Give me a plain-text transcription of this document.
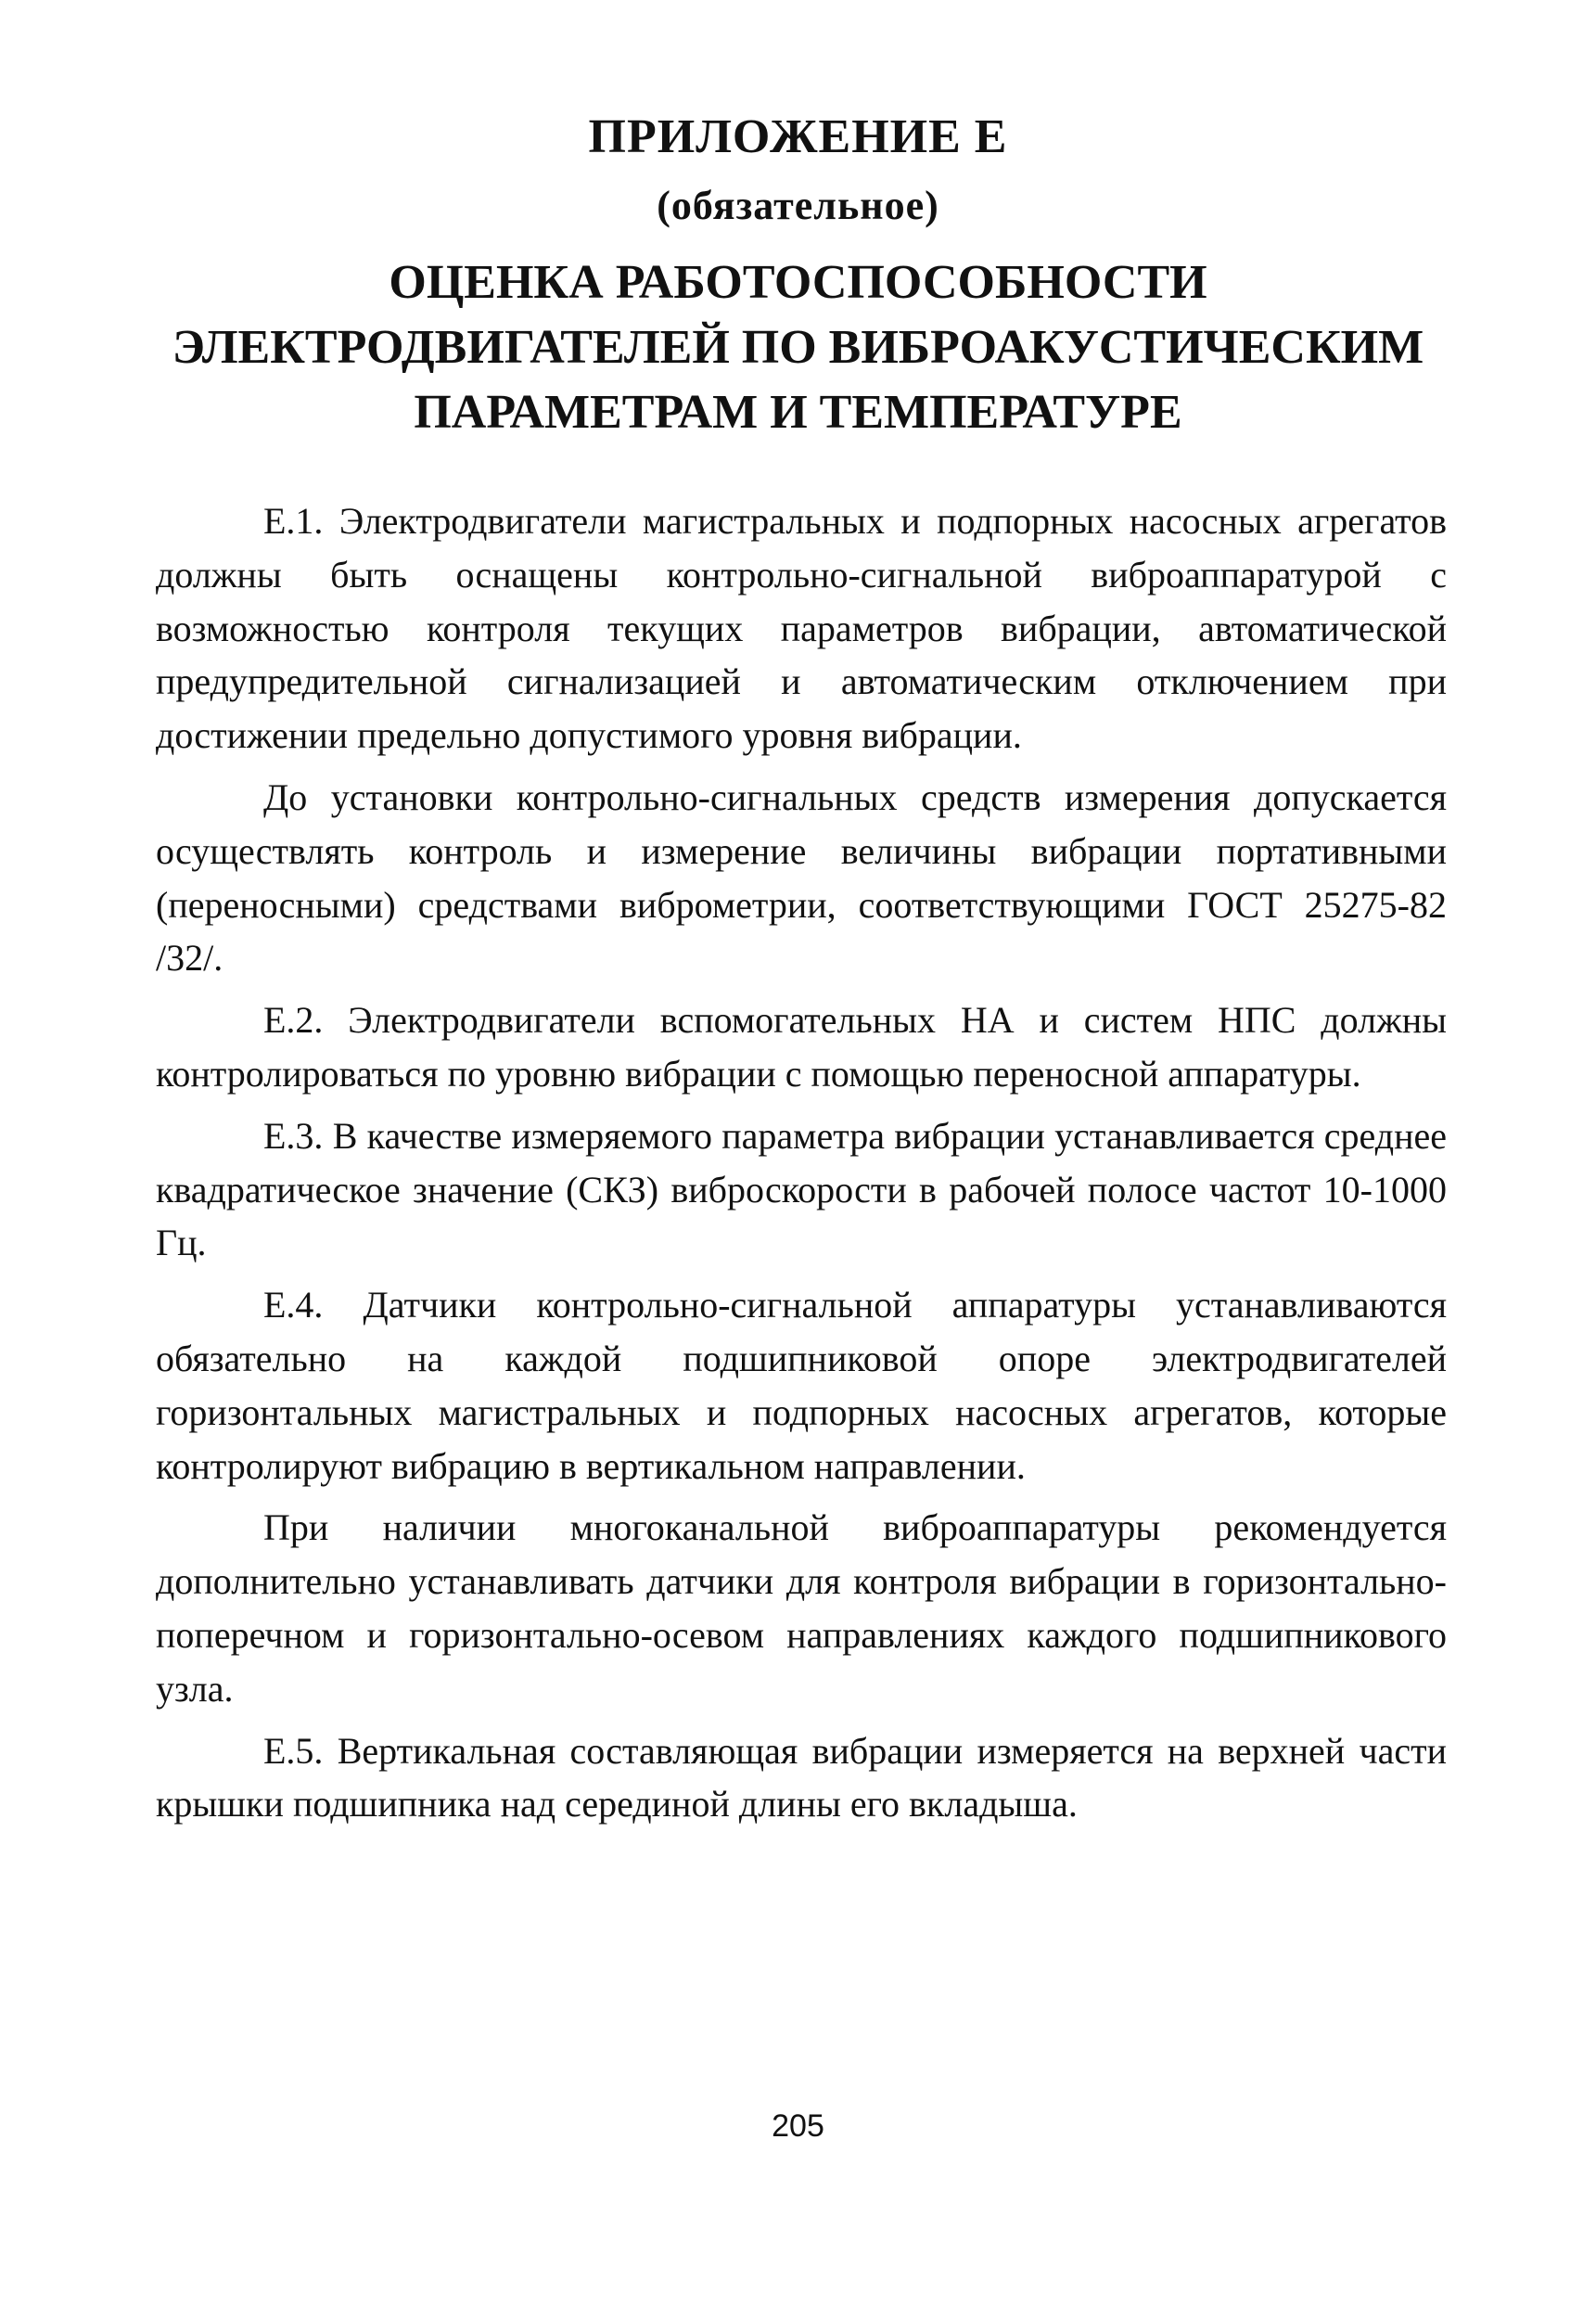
ПРИЛОЖЕНИЕ Е
(обязательное)
ОЦЕНКА РАБОТОСПОСОБНОСТИ
ЭЛЕКТРОДВИГАТЕЛЕЙ ПО ВИБРОАКУСТИЧЕСКИМ
ПАРАМЕТРАМ И ТЕМПЕРАТУРЕ

Е.1. Электродвигатели магистральных и подпорных насосных агрегатов должны быть оснащены контрольно-сигнальной виброаппаратурой с возможностью контроля текущих параметров вибрации, автоматической предупредительной сигнализацией и автоматическим отключением при достижении предельно допустимого уровня вибрации.

До установки контрольно-сигнальных средств измерения допускается осуществлять контроль и измерение величины вибрации портативными (переносными) средствами виброметрии, соответствующими ГОСТ 25275-82 /32/.

Е.2. Электродвигатели вспомогательных НА и систем НПС должны контролироваться по уровню вибрации с помощью переносной аппаратуры.

Е.3. В качестве измеряемого параметра вибрации устанавливается среднее квадратическое значение (СКЗ) виброскорости в рабочей полосе частот 10-1000 Гц.

Е.4. Датчики контрольно-сигнальной аппаратуры устанавливаются обязательно на каждой подшипниковой опоре электродвигателей горизонтальных магистральных и подпорных насосных агрегатов, которые контролируют вибрацию в вертикальном направлении.

При наличии многоканальной виброаппаратуры рекомендуется дополнительно устанавливать датчики для контроля вибрации в горизонтально-поперечном и горизонтально-осевом направлениях каждого подшипникового узла.

Е.5. Вертикальная составляющая вибрации измеряется на верхней части крышки подшипника над серединой длины его вкладыша.

205
